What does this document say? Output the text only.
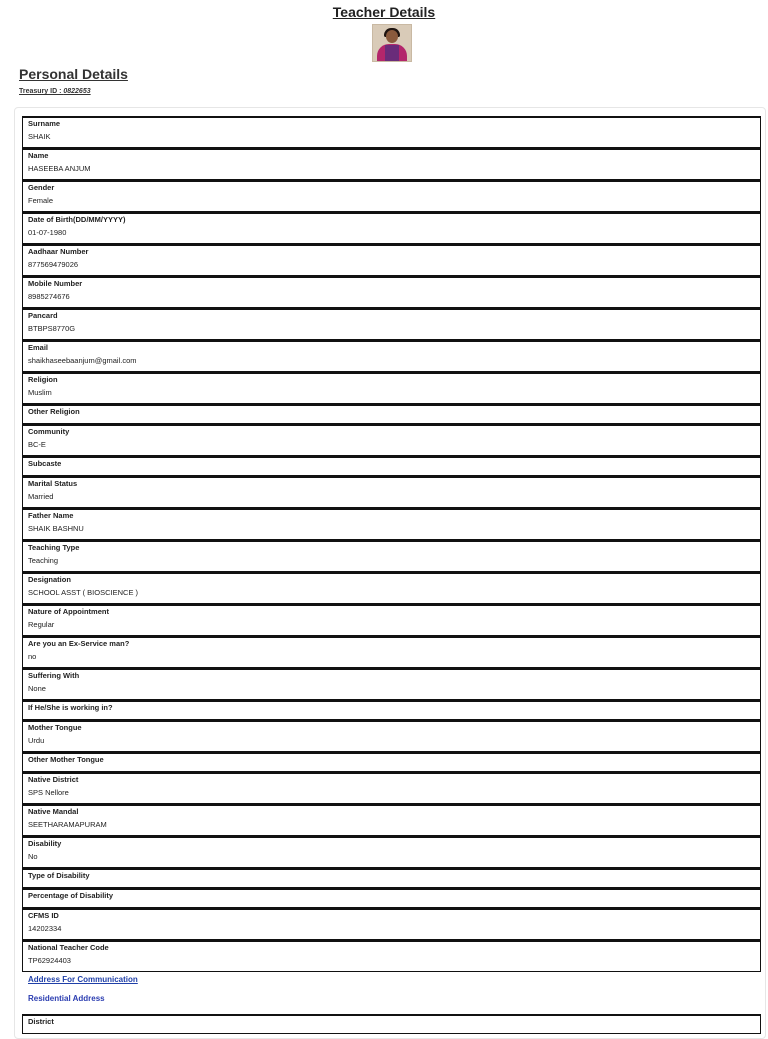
Teacher Details
Personal Details
Treasury ID : 0822653
Surname
SHAIK
Name
HASEEBA ANJUM
Gender
Female
Date of Birth(DD/MM/YYYY)
01-07-1980
Aadhaar Number
877569479026
Mobile Number
8985274676
Pancard
BTBPS8770G
Email
shaikhaseebaanjum@gmail.com
Religion
Muslim
Other Religion
Community
BC-E
Subcaste
Marital Status
Married
Father Name
SHAIK BASHNU
Teaching Type
Teaching
Designation
SCHOOL ASST ( BIOSCIENCE )
Nature of Appointment
Regular
Are you an Ex-Service man?
no
Suffering With
None
If He/She is working in?
Mother Tongue
Urdu
Other Mother Tongue
Native District
SPS Nellore
Native Mandal
SEETHARAMAPURAM
Disability
No
Type of Disability
Percentage of Disability
CFMS ID
14202334
National Teacher Code
TP62924403
Address For Communication
Residential Address
District
